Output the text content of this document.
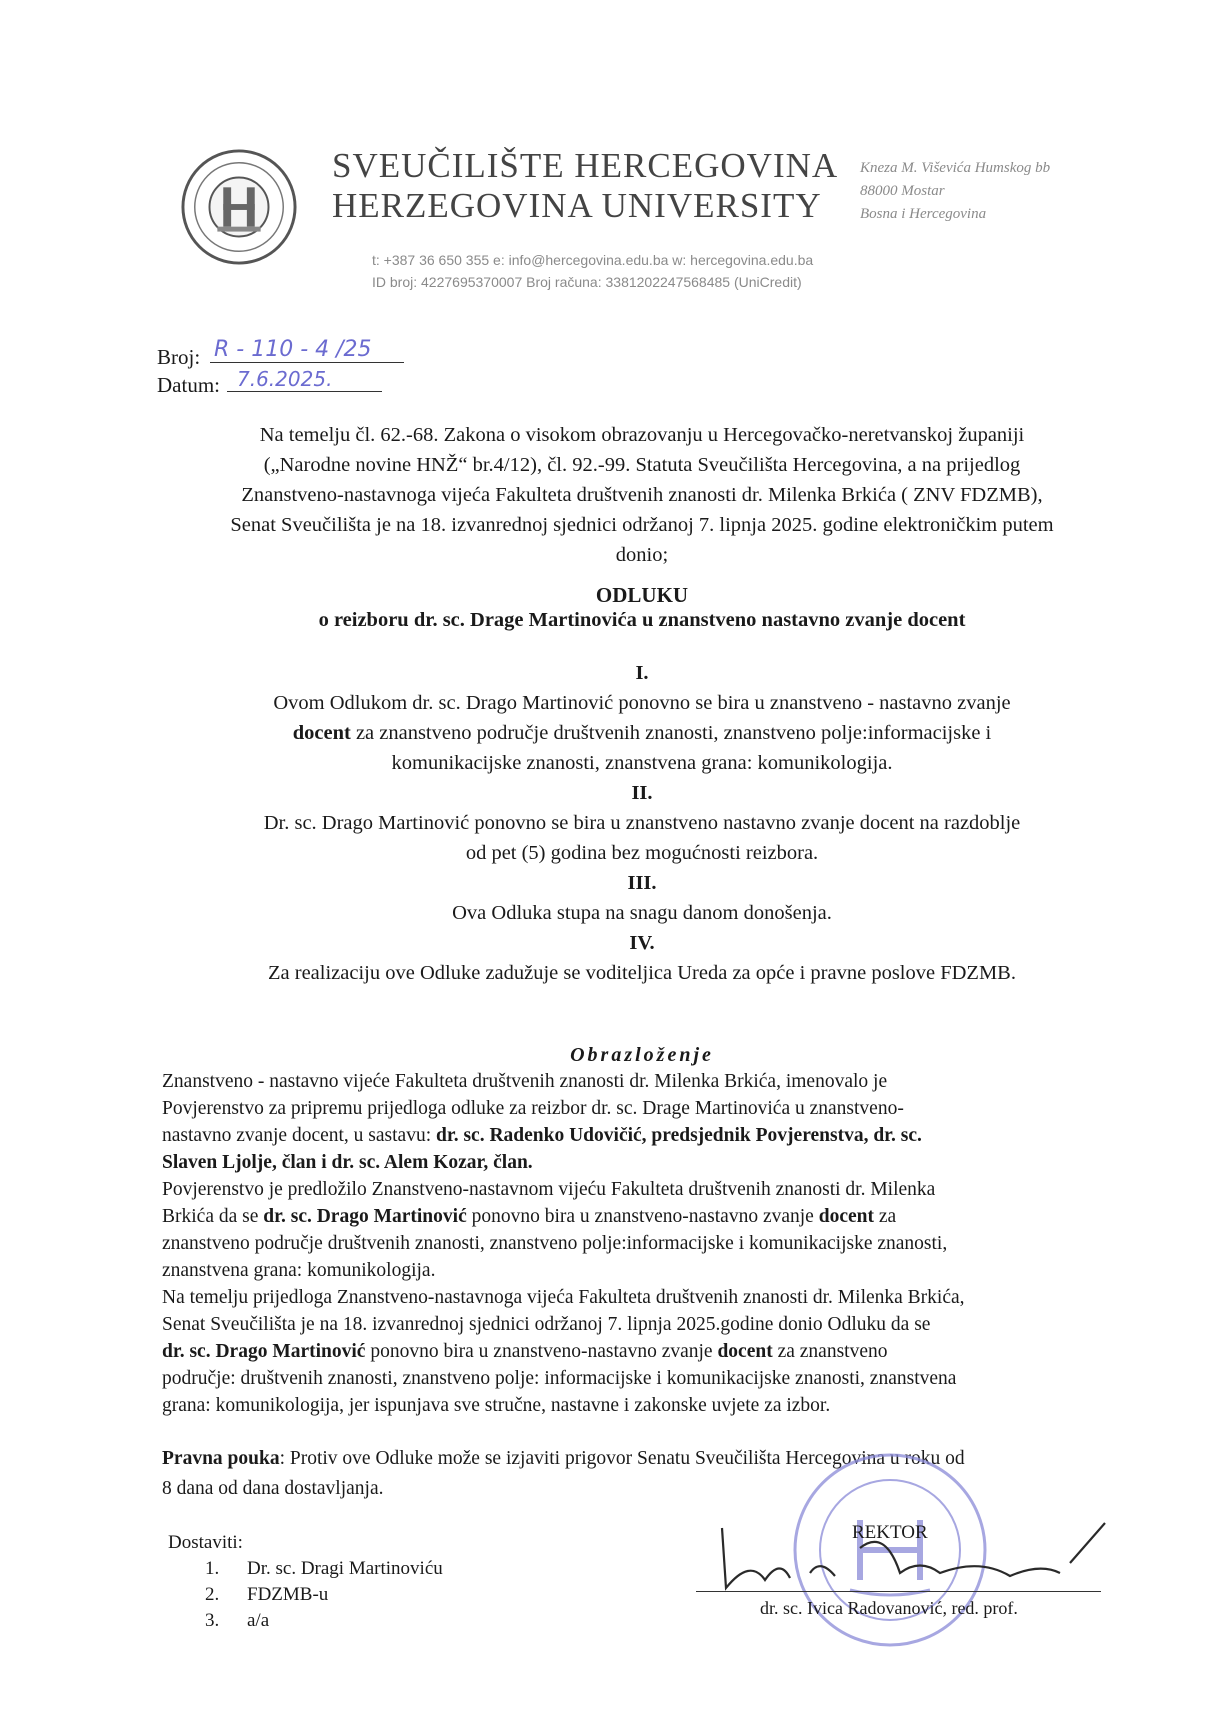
SVEUČILIŠTE HERCEGOVINA
HERZEGOVINA UNIVERSITY
Kneza M. Viševića Humskog bb
88000 Mostar
Bosna i Hercegovina
t: +387 36 650 355 e: info@hercegovina.edu.ba w: hercegovina.edu.ba
ID broj: 4227695370007 Broj računa: 3381202247568485 (UniCredit)
Broj: R - 110 - 4 /25
Datum: 7.6.2025.
Na temelju čl. 62.-68. Zakona o visokom obrazovanju u Hercegovačko-neretvanskoj županiji
(„Narodne novine HNŽ“ br.4/12), čl. 92.-99. Statuta Sveučilišta Hercegovina, a na prijedlog
Znanstveno-nastavnoga vijeća Fakulteta društvenih znanosti dr. Milenka Brkića ( ZNV FDZMB),
Senat Sveučilišta je na 18. izvanrednoj sjednici održanoj 7. lipnja 2025. godine elektroničkim putem
donio;
ODLUKU
o reizboru dr. sc. Drage Martinovića u znanstveno nastavno zvanje docent
I.
Ovom Odlukom dr. sc. Drago Martinović ponovno se bira u znanstveno - nastavno zvanje
docent za znanstveno područje društvenih znanosti, znanstveno polje:informacijske i
komunikacijske znanosti, znanstvena grana: komunikologija.
II.
Dr. sc. Drago Martinović ponovno se bira u znanstveno nastavno zvanje docent na razdoblje
od pet (5) godina bez mogućnosti reizbora.
III.
Ova Odluka stupa na snagu danom donošenja.
IV.
Za realizaciju ove Odluke zadužuje se voditeljica Ureda za opće i pravne poslove FDZMB.
Obrazloženje
Znanstveno - nastavno vijeće Fakulteta društvenih znanosti dr. Milenka Brkića, imenovalo je
Povjerenstvo za pripremu prijedloga odluke za reizbor dr. sc. Drage Martinovića u znanstveno-
nastavno zvanje docent, u sastavu: dr. sc. Radenko Udovičić, predsjednik Povjerenstva, dr. sc.
Slaven Ljolje, član i dr. sc. Alem Kozar, član.
Povjerenstvo je predložilo Znanstveno-nastavnom vijeću Fakulteta društvenih znanosti dr. Milenka
Brkića da se dr. sc. Drago Martinović ponovno bira u znanstveno-nastavno zvanje docent za
znanstveno područje društvenih znanosti, znanstveno polje:informacijske i komunikacijske znanosti,
znanstvena grana: komunikologija.
Na temelju prijedloga Znanstveno-nastavnoga vijeća Fakulteta društvenih znanosti dr. Milenka Brkića,
Senat Sveučilišta je na 18. izvanrednoj sjednici održanoj 7. lipnja 2025.godine donio Odluku da se
dr. sc. Drago Martinović ponovno bira u znanstveno-nastavno zvanje docent za znanstveno
područje: društvenih znanosti, znanstveno polje: informacijske i komunikacijske znanosti, znanstvena
grana: komunikologija, jer ispunjava sve stručne, nastavne i zakonske uvjete za izbor.
Pravna pouka: Protiv ove Odluke može se izjaviti prigovor Senatu Sveučilišta Hercegovina u roku od
8 dana od dana dostavljanja.
Dostaviti:
1. Dr. sc. Dragi Martinoviću
2. FDZMB-u
3. a/a
REKTOR
dr. sc. Ivica Radovanović, red. prof.
